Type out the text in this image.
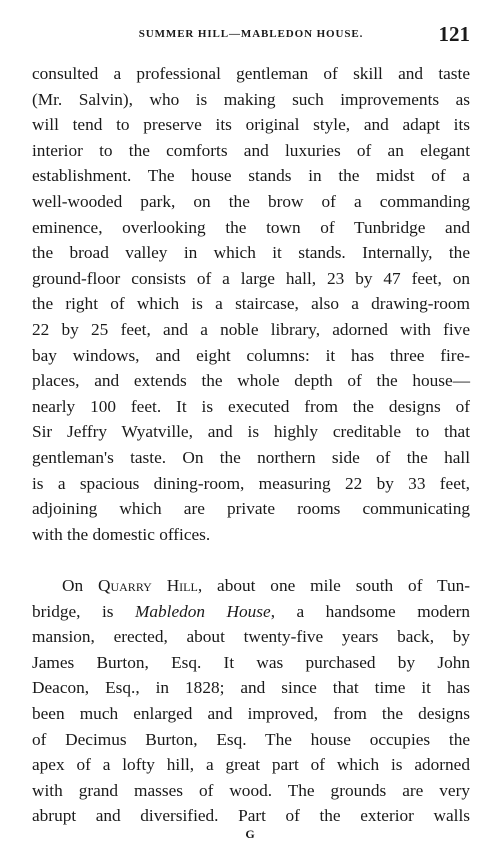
SUMMER HILL—MABLEDON HOUSE.	121
consulted a professional gentleman of skill and taste
(Mr. Salvin), who is making such improvements as
will tend to preserve its original style, and adapt its
interior to the comforts and luxuries of an elegant
establishment. The house stands in the midst of a
well-wooded park, on the brow of a commanding
eminence, overlooking the town of Tunbridge and
the broad valley in which it stands. Internally, the
ground-floor consists of a large hall, 23 by 47 feet, on
the right of which is a staircase, also a drawing-room
22 by 25 feet, and a noble library, adorned with five
bay windows, and eight columns: it has three fire-
places, and extends the whole depth of the house—
nearly 100 feet. It is executed from the designs of
Sir Jeffry Wyatville, and is highly creditable to that
gentleman's taste. On the northern side of the hall
is a spacious dining-room, measuring 22 by 33 feet,
adjoining which are private rooms communicating
with the domestic offices.
On Quarry Hill, about one mile south of Tun-
bridge, is Mabledon House, a handsome modern
mansion, erected, about twenty-five years back, by
James Burton, Esq. It was purchased by John
Deacon, Esq., in 1828; and since that time it has
been much enlarged and improved, from the designs
of Decimus Burton, Esq. The house occupies the
apex of a lofty hill, a great part of which is adorned
with grand masses of wood. The grounds are very
abrupt and diversified. Part of the exterior walls
G
